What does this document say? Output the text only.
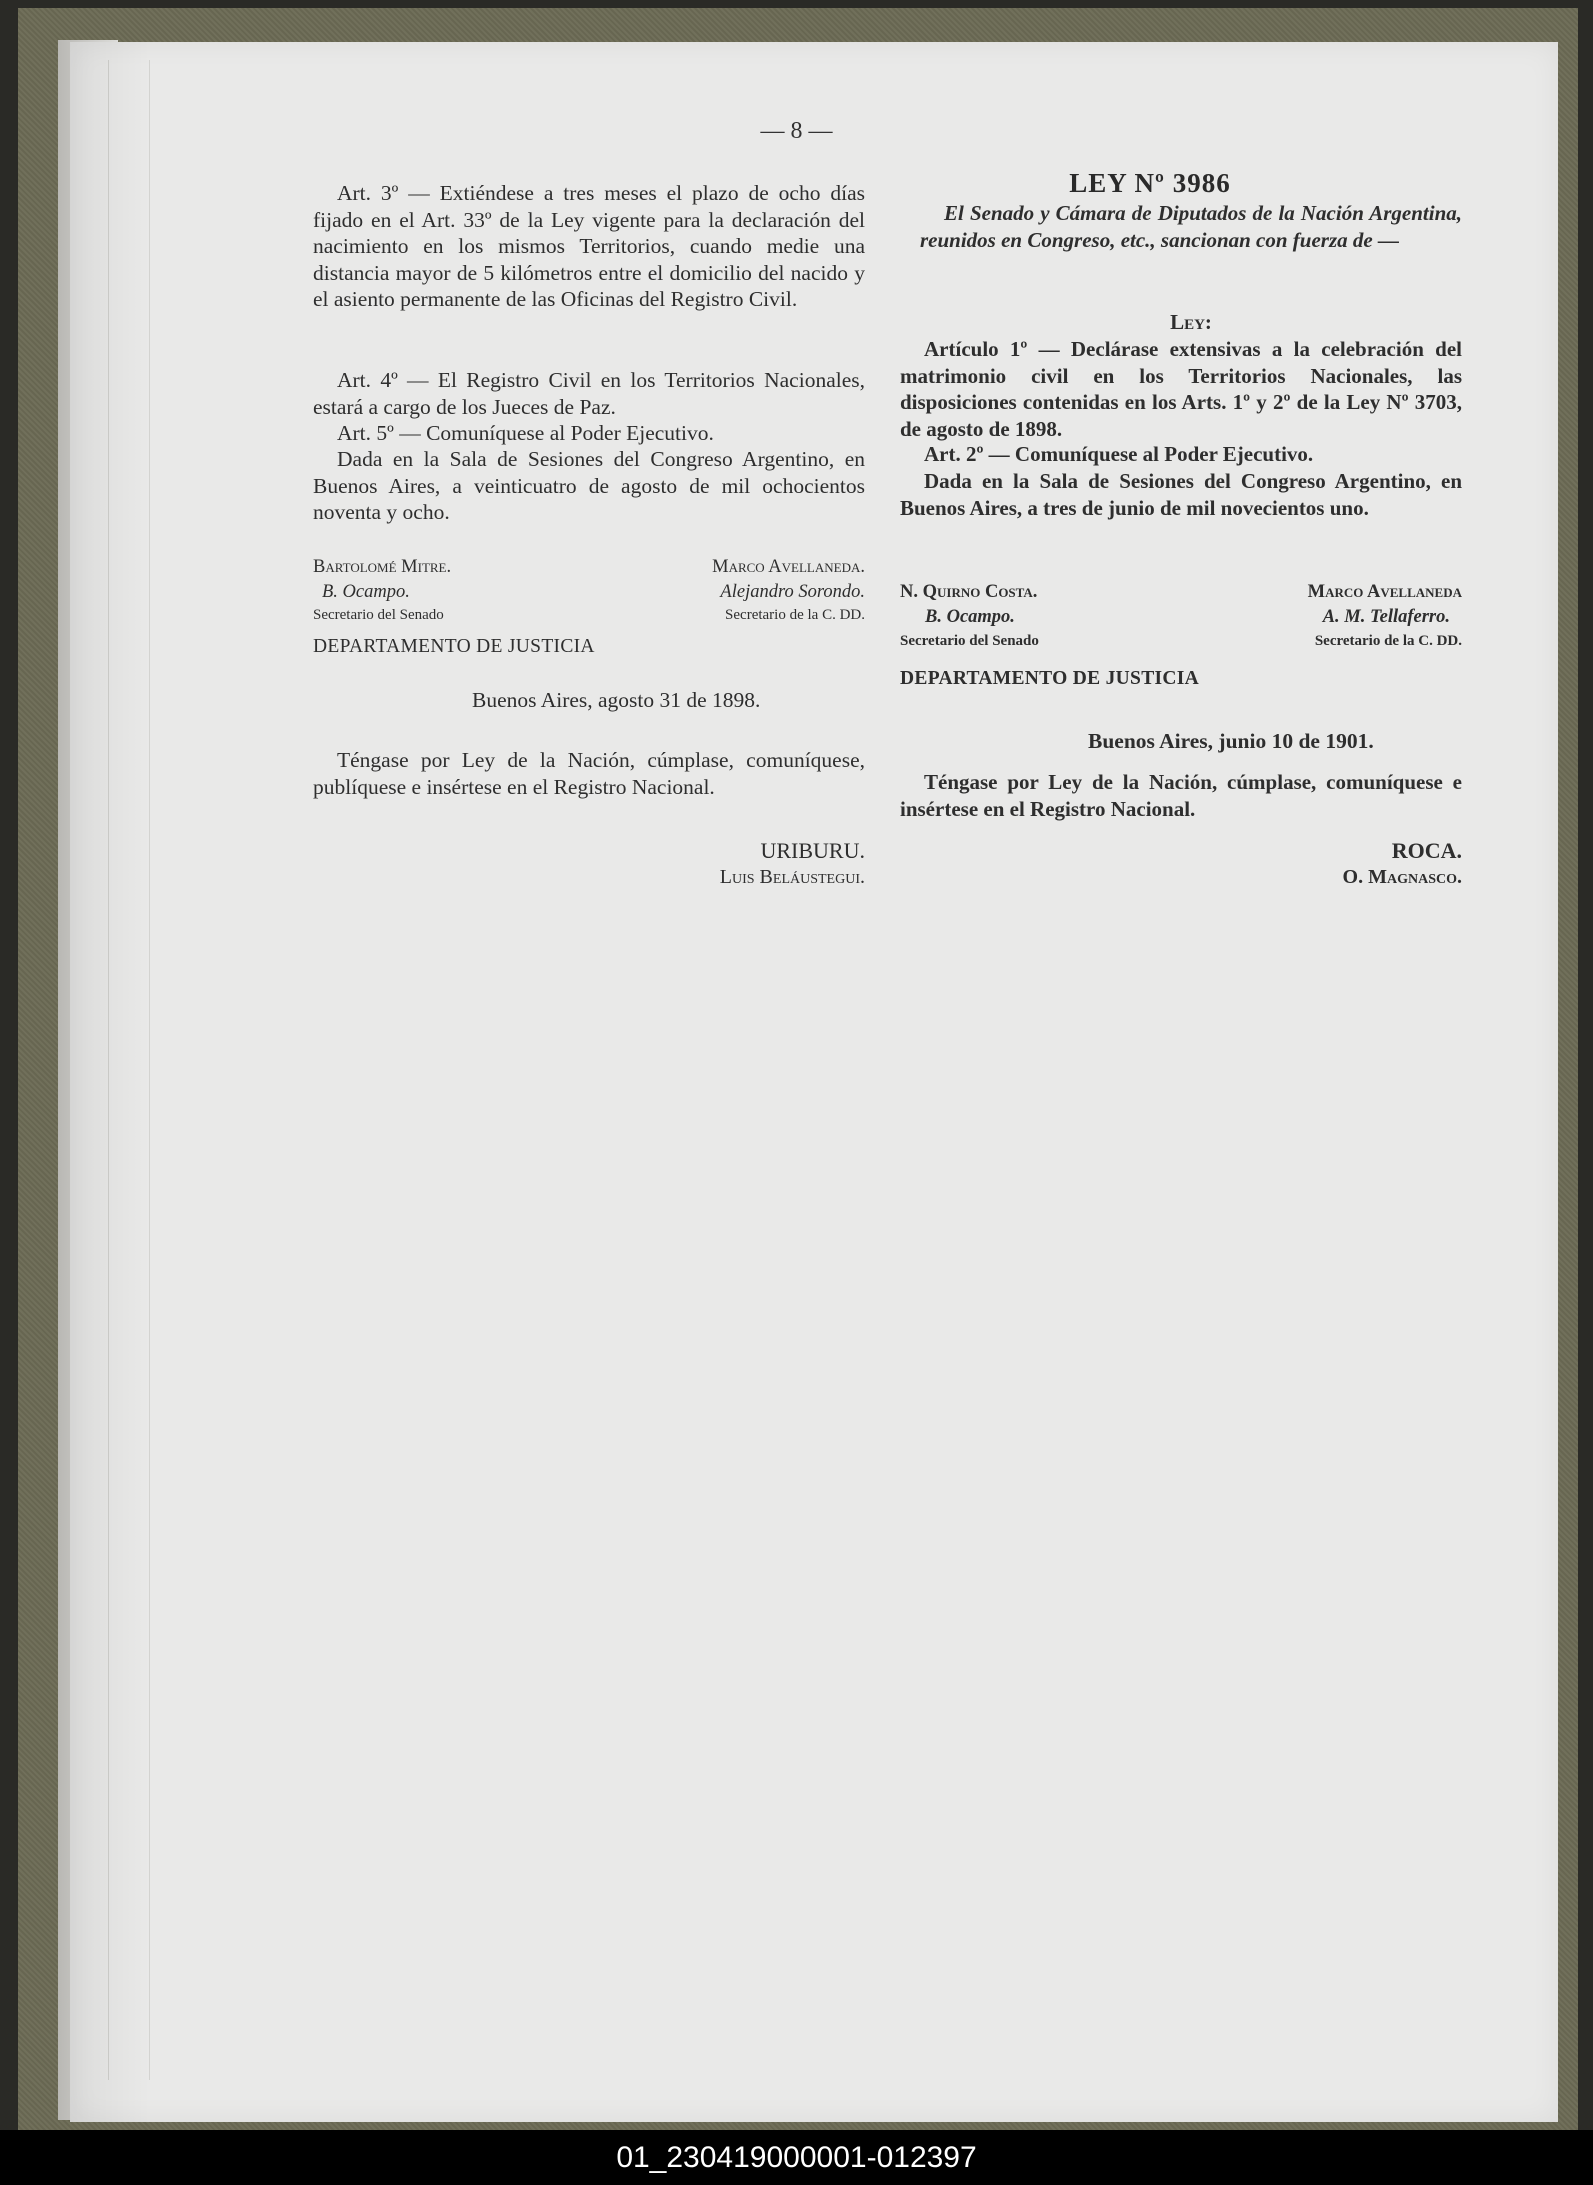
— 8 —
Art. 3º — Extiéndese a tres meses el plazo de ocho días fijado en el Art. 33º de la Ley vigente para la declaración del nacimiento en los mismos Territorios, cuando medie una distancia mayor de 5 kilómetros entre el domicilio del nacido y el asiento permanente de las Oficinas del Registro Civil.
Art. 4º — El Registro Civil en los Territorios Nacionales, estará a cargo de los Jueces de Paz.
Art. 5º — Comuníquese al Poder Ejecutivo.
Dada en la Sala de Sesiones del Congreso Argentino, en Buenos Aires, a veinticuatro de agosto de mil ochocientos noventa y ocho.
Bartolomé Mitre.
B. Ocampo.
Secretario del Senado
Marco Avellaneda.
Alejandro Sorondo.
Secretario de la C. DD.
DEPARTAMENTO DE JUSTICIA
Buenos Aires, agosto 31 de 1898.
Téngase por Ley de la Nación, cúmplase, comuníquese, publíquese e insértese en el Registro Nacional.
URIBURU.
Luis Beláustegui.
LEY Nº 3986
El Senado y Cámara de Diputados de la Nación Argentina, reunidos en Congreso, etc., sancionan con fuerza de —
Ley:
Artículo 1º — Declárase extensivas a la celebración del matrimonio civil en los Territorios Nacionales, las disposiciones contenidas en los Arts. 1º y 2º de la Ley Nº 3703, de agosto de 1898.
Art. 2º — Comuníquese al Poder Ejecutivo.
Dada en la Sala de Sesiones del Congreso Argentino, en Buenos Aires, a tres de junio de mil novecientos uno.
N. Quirno Costa.
B. Ocampo.
Secretario del Senado
Marco Avellaneda
A. M. Tellaferro.
Secretario de la C. DD.
DEPARTAMENTO DE JUSTICIA
Buenos Aires, junio 10 de 1901.
Téngase por Ley de la Nación, cúmplase, comuníquese e insértese en el Registro Nacional.
ROCA.
O. Magnasco.
01_230419000001-012397
